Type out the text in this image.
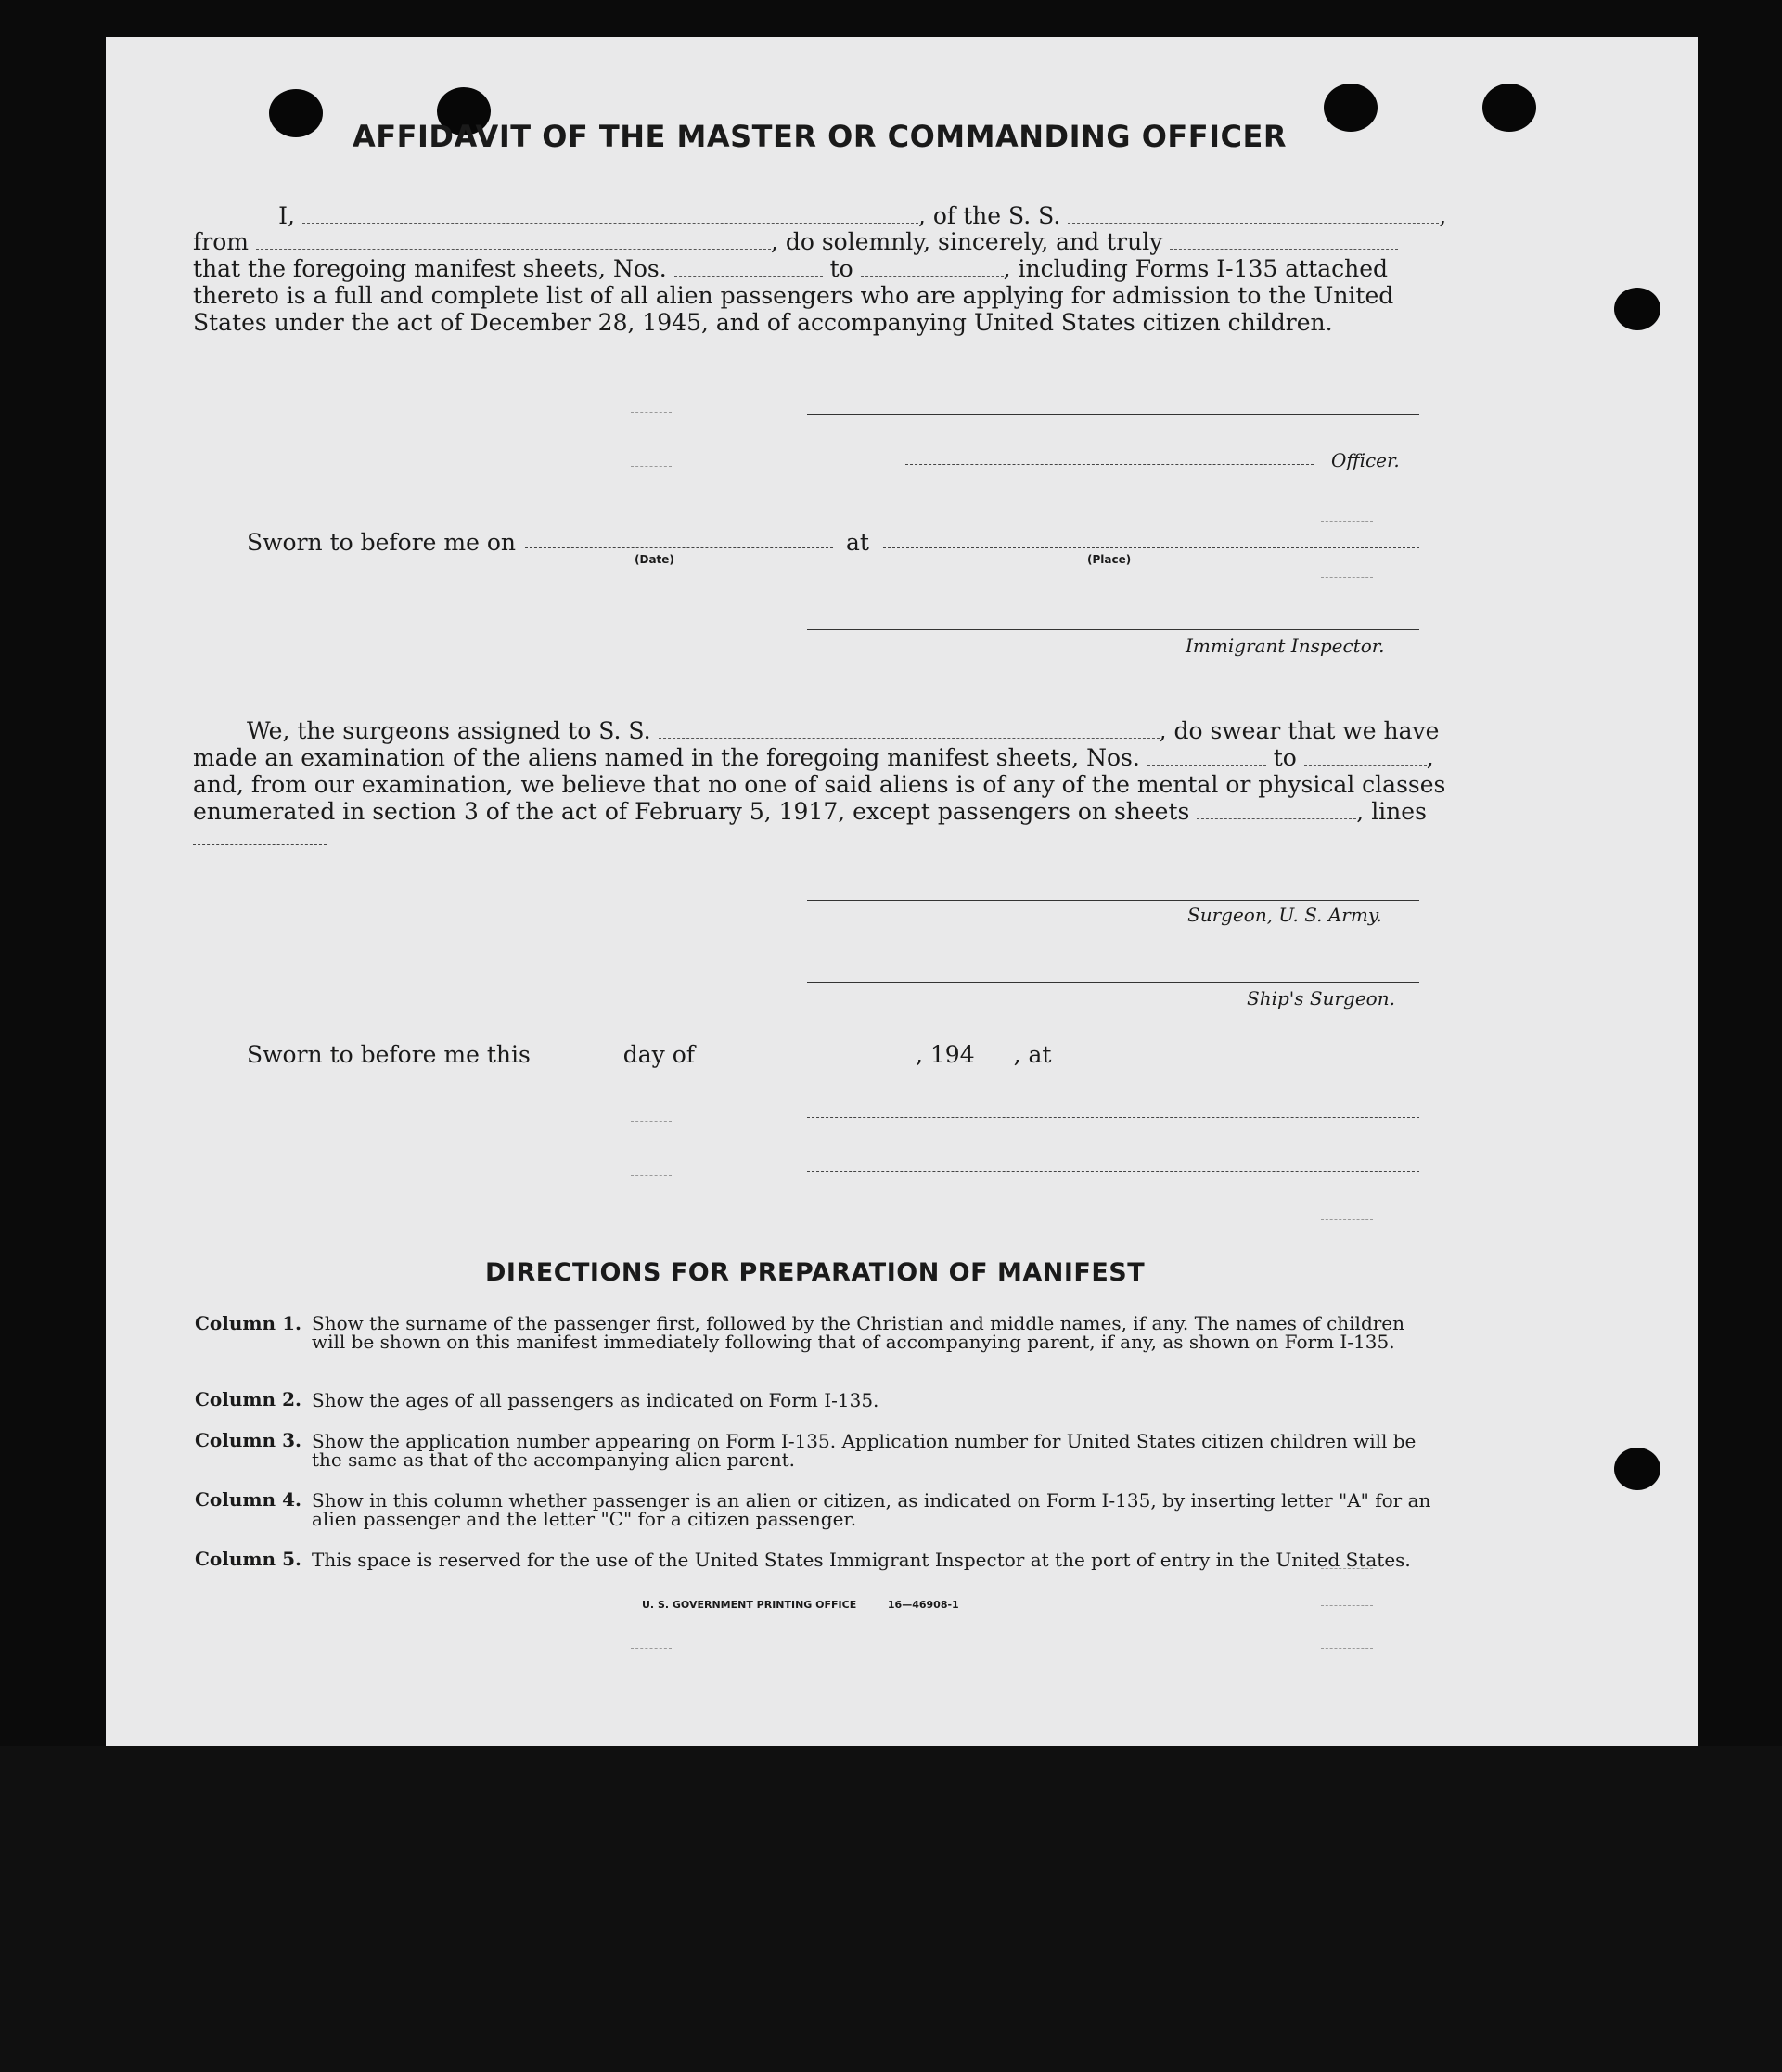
AFFIDAVIT OF THE MASTER OR COMMANDING OFFICER
I,	, of the S. S.	,
from	, do solemnly, sincerely, and truly
that the foregoing manifest sheets, Nos.	to	, including Forms I-135 attached
thereto is a full and complete list of all alien passengers who are applying for admission to the United
States under the act of December 28, 1945, and of accompanying United States citizen children.
Officer.
Sworn to before me on	at
(Date)	(Place)
Immigrant Inspector.
We, the surgeons assigned to S. S.	, do swear that we have
made an examination of the aliens named in the foregoing manifest sheets, Nos.	to	,
and, from our examination, we believe that no one of said aliens is of any of the mental or physical classes
enumerated in section 3 of the act of February 5, 1917, except passengers on sheets	, lines
Surgeon, U. S. Army.
Ship's Surgeon.
Sworn to before me this	day of	, 194 , at
DIRECTIONS FOR PREPARATION OF MANIFEST
Column 1. Show the surname of the passenger first, followed by the Christian and middle names, if any. The names of children will be shown on this manifest immediately following that of accompanying parent, if any, as shown on Form I-135.
Column 2. Show the ages of all passengers as indicated on Form I-135.
Column 3. Show the application number appearing on Form I-135. Application number for United States citizen children will be the same as that of the accompanying alien parent.
Column 4. Show in this column whether passenger is an alien or citizen, as indicated on Form I-135, by inserting letter "A" for an alien passenger and the letter "C" for a citizen passenger.
Column 5. This space is reserved for the use of the United States Immigrant Inspector at the port of entry in the United States.
U. S. GOVERNMENT PRINTING OFFICE	16—46908-1
